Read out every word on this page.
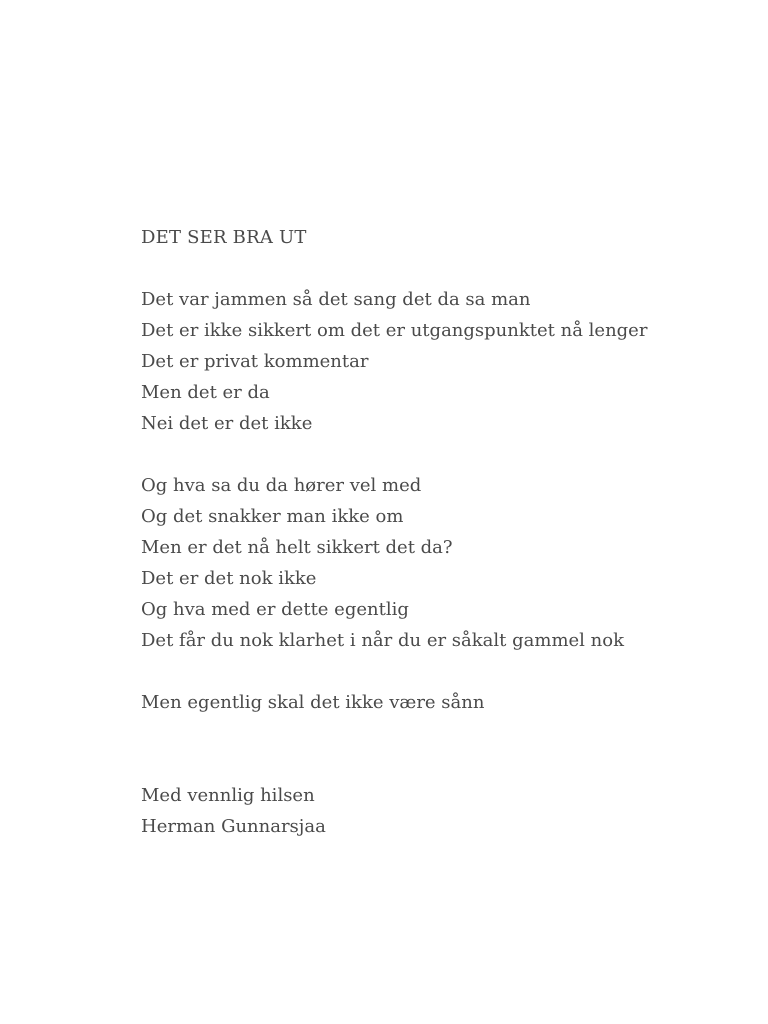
DET SER BRA UT
Det var jammen så det sang det da sa man
Det er ikke sikkert om det er utgangspunktet nå lenger
Det er privat kommentar
Men det er da
Nei det er det ikke
Og hva sa du da hører vel med
Og det snakker man ikke om
Men er det nå helt sikkert det da?
Det er det nok ikke
Og hva med er dette egentlig
Det får du nok klarhet i når du er såkalt gammel nok
Men egentlig skal det ikke være sånn
Med vennlig hilsen
Herman Gunnarsjaa
